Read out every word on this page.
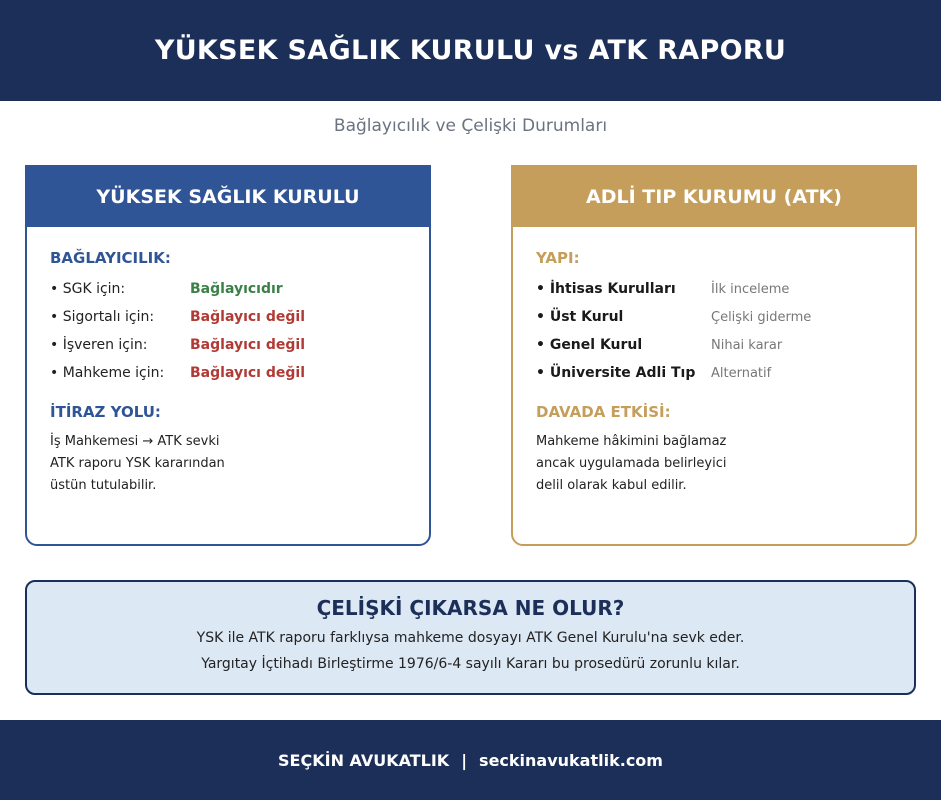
YÜKSEK SAĞLIK KURULU vs ATK RAPORU
Bağlayıcılık ve Çelişki Durumları
YÜKSEK SAĞLIK KURULU
BAĞLAYICILIK:
• SGK için:	Bağlayıcıdır
• Sigortalı için:	Bağlayıcı değil
• İşveren için:	Bağlayıcı değil
• Mahkeme için:	Bağlayıcı değil
İTİRAZ YOLU:
İş Mahkemesi → ATK sevki
ATK raporu YSK kararından
üstün tutulabilir.
ADLİ TIP KURUMU (ATK)
YAPI:
• İhtisas Kurulları	İlk inceleme
• Üst Kurul	Çelişki giderme
• Genel Kurul	Nihai karar
• Üniversite Adli Tıp	Alternatif
DAVADA ETKİSİ:
Mahkeme hâkimini bağlamaz
ancak uygulamada belirleyici
delil olarak kabul edilir.
ÇELİŞKİ ÇIKARSA NE OLUR?

YSK ile ATK raporu farklıysa mahkeme dosyayı ATK Genel Kurulu'na sevk eder.

Yargıtay İçtihadı Birleştirme 1976/6-4 sayılı Kararı bu prosedürü zorunlu kılar.

SEÇKİN AVUKATLIK | seckinavukatlik.com
